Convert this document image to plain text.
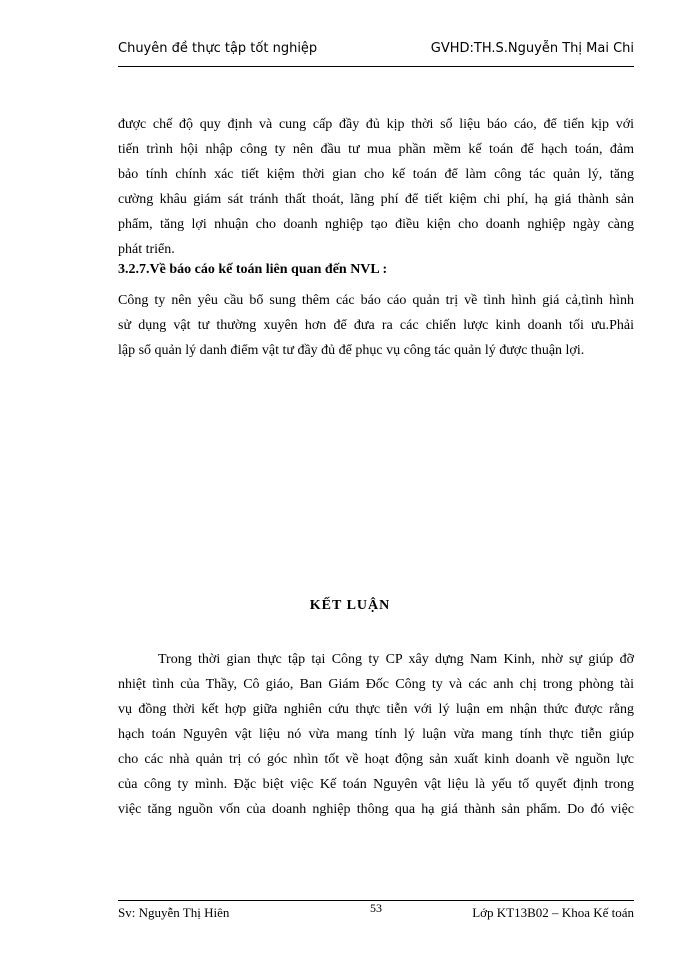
Chuyên đề thực tập tốt nghiệp	GVHD:TH.S.Nguyễn Thị Mai Chi
được chế độ quy định và cung cấp đầy đủ kịp thời số liệu báo cáo, để tiến kịp với
tiến trình hội nhập công ty nên đầu tư mua phần mềm kế toán để hạch toán, đảm
bảo tính chính xác tiết kiệm thời gian cho kế toán để làm công tác quản lý, tăng
cường khâu giám sát tránh thất thoát, lãng phí để tiết kiệm chi phí, hạ giá thành sản
phẩm, tăng lợi nhuận cho doanh nghiệp tạo điều kiện cho doanh nghiệp ngày càng
phát triển.
3.2.7.Về báo cáo kế toán liên quan đến NVL :
Công ty nên yêu cầu bổ sung thêm các báo cáo quản trị về tình hình giá cả,tình hình
sử dụng vật tư thường xuyên hơn để đưa ra các chiến lược kinh doanh tối ưu.Phải
lập sổ quản lý danh điểm vật tư đầy đủ để phục vụ công tác quản lý được thuận lợi.
KẾT LUẬN
Trong thời gian thực tập tại Công ty CP xây dựng Nam Kinh, nhờ sự giúp đỡ
nhiệt tình của Thầy, Cô giáo, Ban Giám Đốc Công ty và các anh chị trong phòng tài
vụ đồng thời kết hợp giữa nghiên cứu thực tiễn với lý luận em nhận thức được rằng
hạch toán Nguyên vật liệu nó vừa mang tính lý luận vừa mang tính thực tiễn giúp
cho các nhà quản trị có góc nhìn tốt về hoạt động sản xuất kinh doanh về nguồn lực
của công ty mình. Đặc biệt việc Kế toán Nguyên vật liệu là yếu tố quyết định trong
việc tăng nguồn vốn của doanh nghiệp thông qua hạ giá thành sản phẩm. Do đó việc
Sv: Nguyễn Thị Hiên	53	Lớp KT13B02 – Khoa Kế toán
